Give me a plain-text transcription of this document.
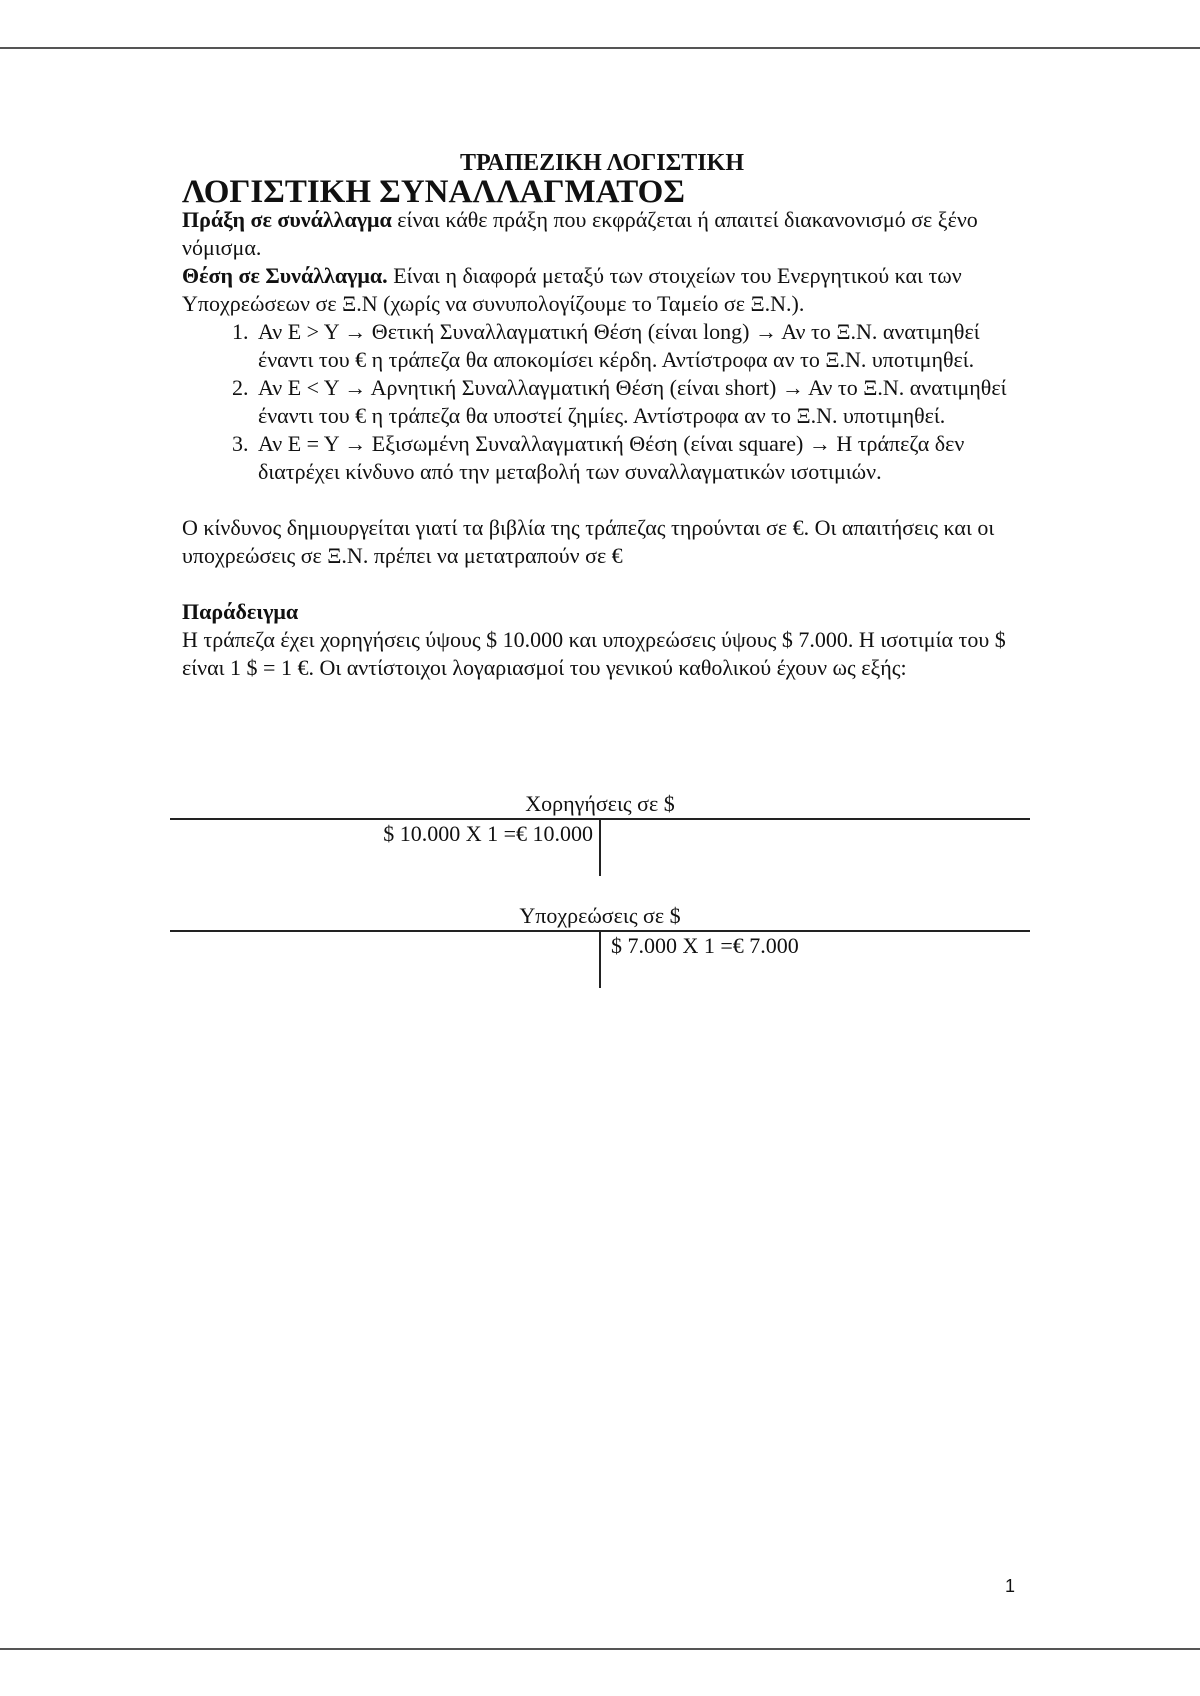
ΤΡΑΠΕΖΙΚΗ ΛΟΓΙΣΤΙΚΗ
ΛΟΓΙΣΤΙΚΗ ΣΥΝΑΛΛΑΓΜΑΤΟΣ

Πράξη σε συνάλλαγμα είναι κάθε πράξη που εκφράζεται ή απαιτεί διακανονισμό σε ξένο νόμισμα.

Θέση σε Συνάλλαγμα. Είναι η διαφορά μεταξύ των στοιχείων του Ενεργητικού και των Υποχρεώσεων σε Ξ.Ν (χωρίς να συνυπολογίζουμε το Ταμείο σε Ξ.Ν.).

1. Αν Ε > Υ → Θετική Συναλλαγματική Θέση (είναι long) → Αν το Ξ.Ν. ανατιμηθεί έναντι του € η τράπεζα θα αποκομίσει κέρδη. Αντίστροφα αν το Ξ.Ν. υποτιμηθεί.
2. Αν Ε < Υ → Αρνητική Συναλλαγματική Θέση (είναι short) → Αν το Ξ.Ν. ανατιμηθεί έναντι του € η τράπεζα θα υποστεί ζημίες. Αντίστροφα αν το Ξ.Ν. υποτιμηθεί.
3. Αν Ε = Υ → Εξισωμένη Συναλλαγματική Θέση (είναι square) → Η τράπεζα δεν διατρέχει κίνδυνο από την μεταβολή των συναλλαγματικών ισοτιμιών.

Ο κίνδυνος δημιουργείται γιατί τα βιβλία της τράπεζας τηρούνται σε €. Οι απαιτήσεις και οι υποχρεώσεις σε Ξ.Ν. πρέπει να μετατραπούν σε €

Παράδειγμα

Η τράπεζα έχει χορηγήσεις ύψους $ 10.000 και υποχρεώσεις ύψους $ 7.000. Η ισοτιμία του $ είναι 1 $ = 1 €. Οι αντίστοιχοι λογαριασμοί του γενικού καθολικού έχουν ως εξής:

Χορηγήσεις σε $
$ 10.000 Χ 1 =€ 10.000
Υποχρεώσεις σε $
$ 7.000 Χ 1 =€ 7.000
1
